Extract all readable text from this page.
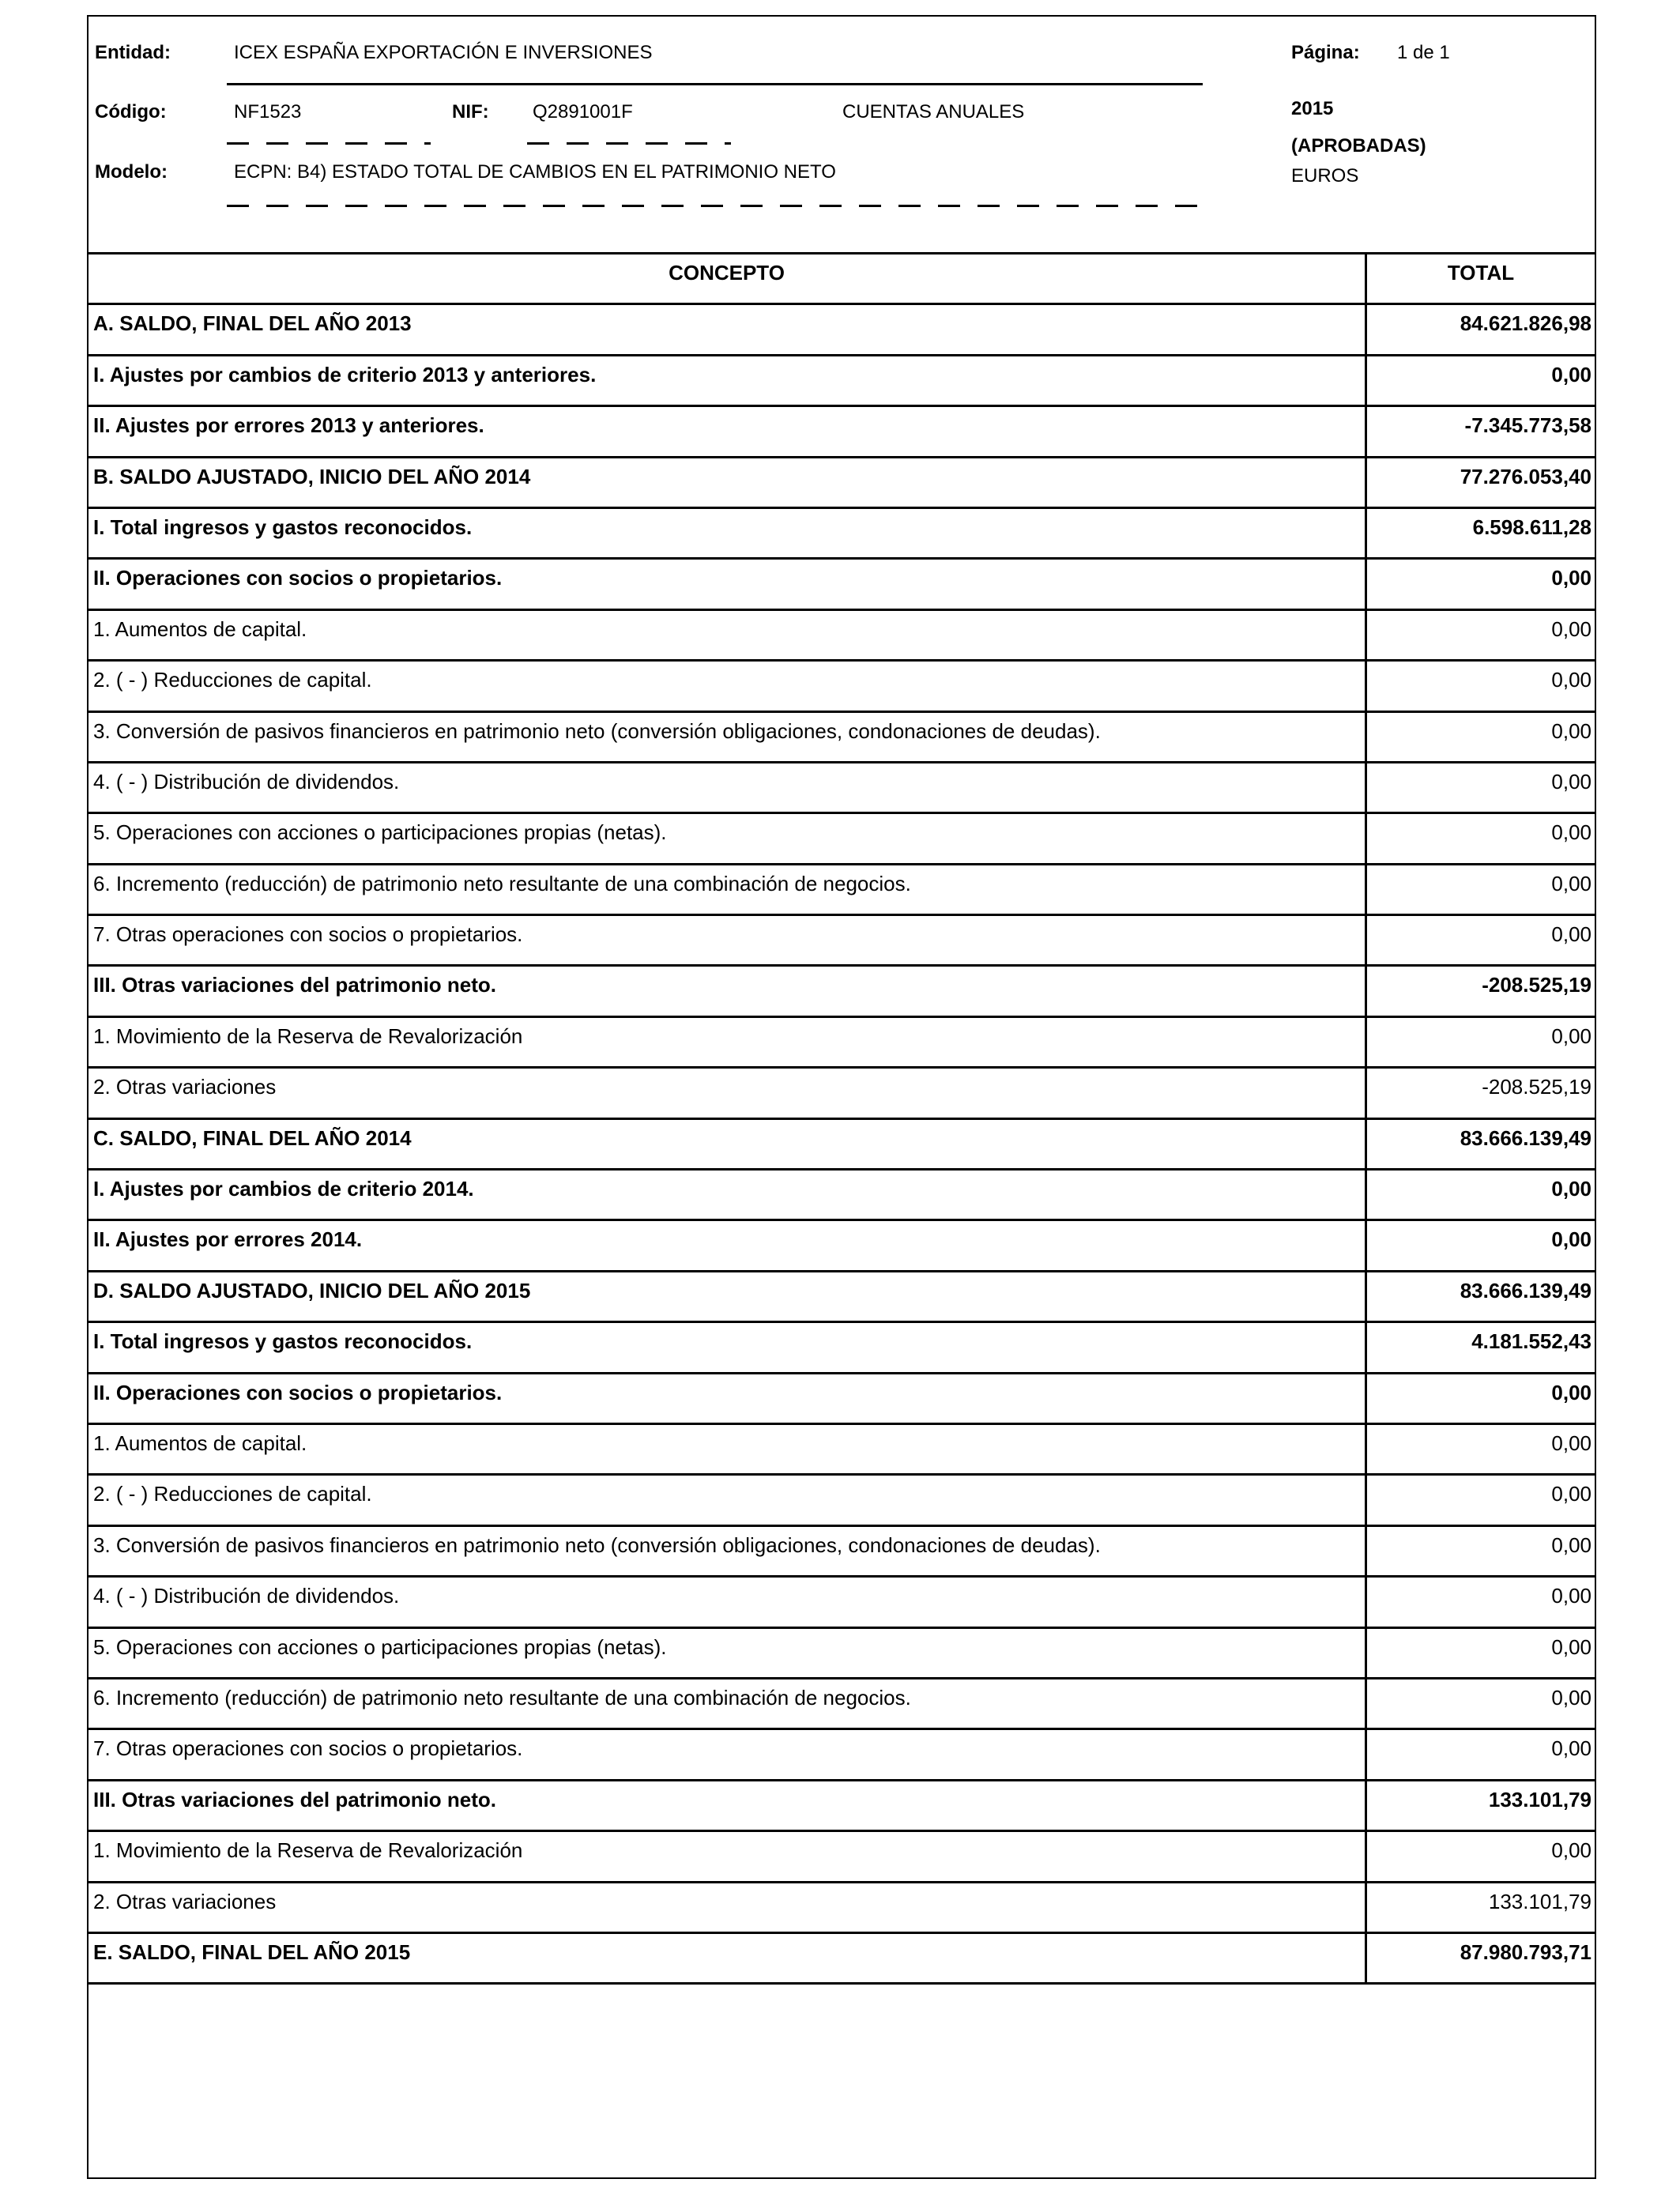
Entidad:	ICEX ESPAÑA EXPORTACIÓN E INVERSIONES	Página: 1 de 1
Código:	NF1523	NIF: Q2891001F	CUENTAS ANUALES	2015
(APROBADAS)
Modelo:	ECPN: B4) ESTADO TOTAL DE CAMBIOS EN EL PATRIMONIO NETO	EUROS
CONCEPTO	TOTAL
A. SALDO, FINAL DEL AÑO 2013	84.621.826,98
I. Ajustes por cambios de criterio 2013 y anteriores.	0,00
II. Ajustes por errores 2013 y anteriores.	-7.345.773,58
B. SALDO AJUSTADO, INICIO DEL AÑO 2014	77.276.053,40
I. Total ingresos y gastos reconocidos.	6.598.611,28
II. Operaciones con socios o propietarios.	0,00
1. Aumentos de capital.	0,00
2. ( - ) Reducciones de capital.	0,00
3. Conversión de pasivos financieros en patrimonio neto (conversión obligaciones, condonaciones de deudas).	0,00
4. ( - ) Distribución de dividendos.	0,00
5. Operaciones con acciones o participaciones propias (netas).	0,00
6. Incremento (reducción) de patrimonio neto resultante de una combinación de negocios.	0,00
7. Otras operaciones con socios o propietarios.	0,00
III. Otras variaciones del patrimonio neto.	-208.525,19
1. Movimiento de la Reserva de Revalorización	0,00
2. Otras variaciones	-208.525,19
C. SALDO, FINAL DEL AÑO 2014	83.666.139,49
I. Ajustes por cambios de criterio 2014.	0,00
II. Ajustes por errores 2014.	0,00
D. SALDO AJUSTADO, INICIO DEL AÑO 2015	83.666.139,49
I. Total ingresos y gastos reconocidos.	4.181.552,43
II. Operaciones con socios o propietarios.	0,00
1. Aumentos de capital.	0,00
2. ( - ) Reducciones de capital.	0,00
3. Conversión de pasivos financieros en patrimonio neto (conversión obligaciones, condonaciones de deudas).	0,00
4. ( - ) Distribución de dividendos.	0,00
5. Operaciones con acciones o participaciones propias (netas).	0,00
6. Incremento (reducción) de patrimonio neto resultante de una combinación de negocios.	0,00
7. Otras operaciones con socios o propietarios.	0,00
III. Otras variaciones del patrimonio neto.	133.101,79
1. Movimiento de la Reserva de Revalorización	0,00
2. Otras variaciones	133.101,79
E. SALDO, FINAL DEL AÑO 2015	87.980.793,71
